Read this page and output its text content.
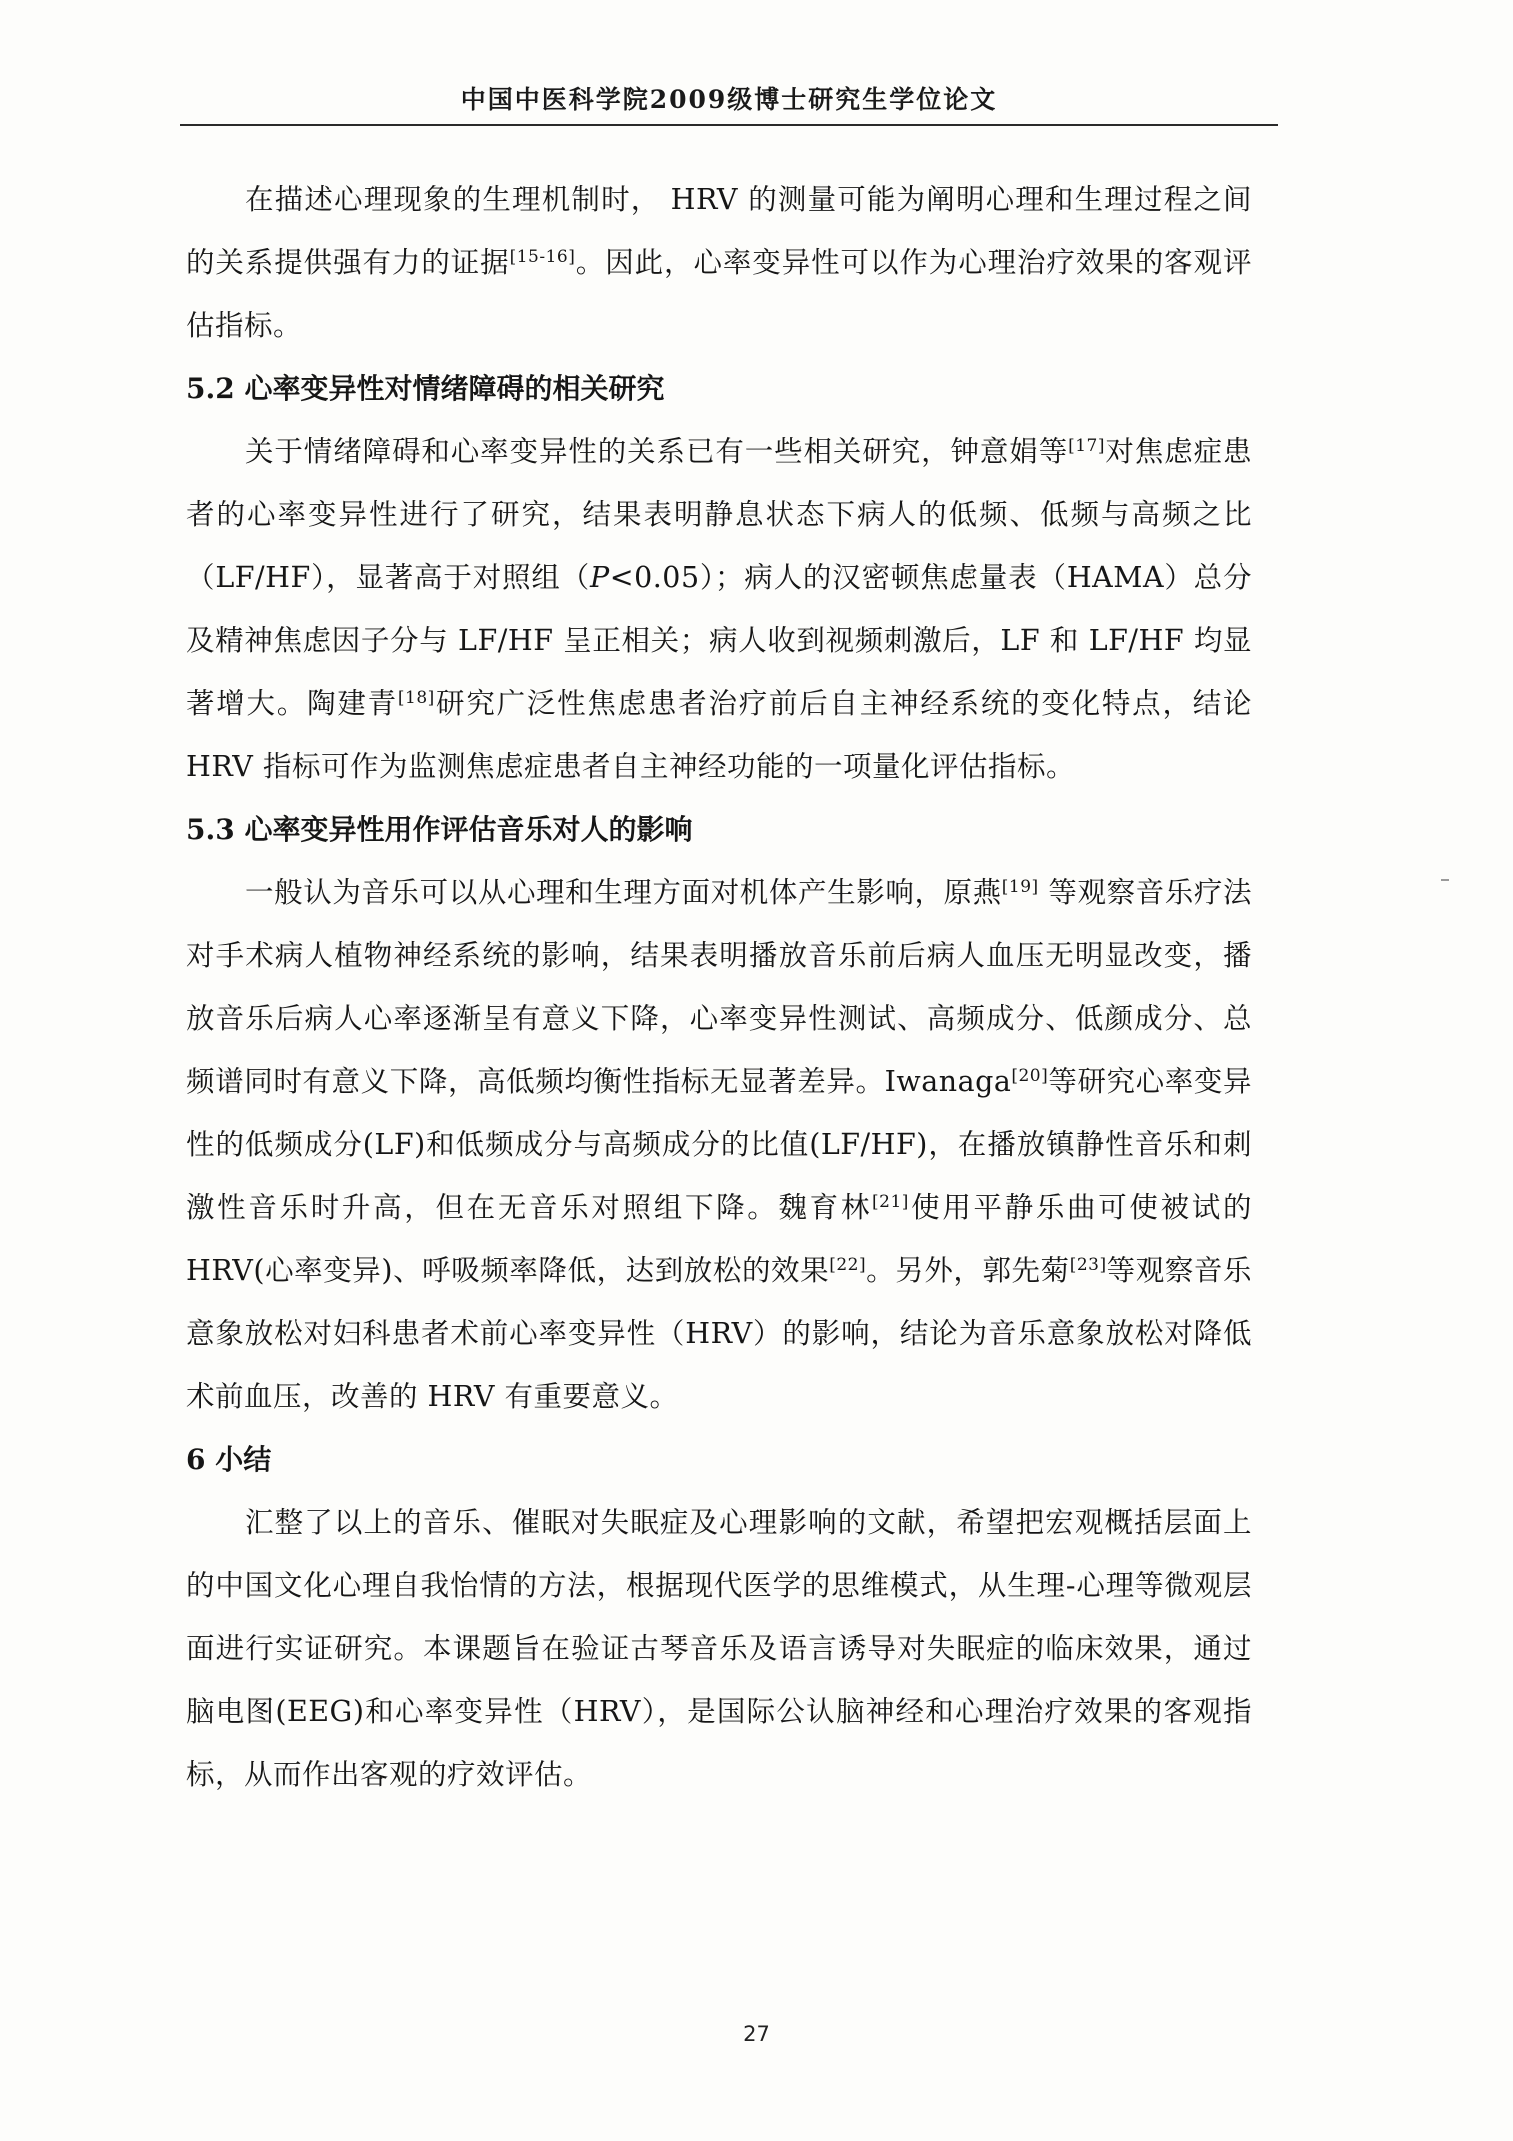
中国中医科学院2009级博士研究生学位论文

在描述心理现象的生理机制时， HRV 的测量可能为阐明心理和生理过程之间的关系提供强有力的证据[15-16]。因此，心率变异性可以作为心理治疗效果的客观评估指标。

5.2 心率变异性对情绪障碍的相关研究

关于情绪障碍和心率变异性的关系已有一些相关研究，钟意娟等[17]对焦虑症患者的心率变异性进行了研究，结果表明静息状态下病人的低频、低频与高频之比（LF/HF），显著高于对照组（P<0.05）；病人的汉密顿焦虑量表（HAMA）总分及精神焦虑因子分与 LF/HF 呈正相关；病人收到视频刺激后，LF 和 LF/HF 均显著增大。陶建青[18]研究广泛性焦虑患者治疗前后自主神经系统的变化特点，结论 HRV 指标可作为监测焦虑症患者自主神经功能的一项量化评估指标。

5.3 心率变异性用作评估音乐对人的影响

一般认为音乐可以从心理和生理方面对机体产生影响，原燕[19] 等观察音乐疗法对手术病人植物神经系统的影响，结果表明播放音乐前后病人血压无明显改变，播放音乐后病人心率逐渐呈有意义下降，心率变异性测试、高频成分、低颜成分、总频谱同时有意义下降，高低频均衡性指标无显著差异。Iwanaga[20]等研究心率变异性的低频成分(LF)和低频成分与高频成分的比值(LF/HF)，在播放镇静性音乐和刺激性音乐时升高，但在无音乐对照组下降。魏育林[21]使用平静乐曲可使被试的 HRV(心率变异)、呼吸频率降低，达到放松的效果[22]。另外，郭先菊[23]等观察音乐意象放松对妇科患者术前心率变异性（HRV）的影响，结论为音乐意象放松对降低术前血压，改善的 HRV 有重要意义。

6 小结

汇整了以上的音乐、催眠对失眠症及心理影响的文献，希望把宏观概括层面上的中国文化心理自我怡情的方法，根据现代医学的思维模式，从生理-心理等微观层面进行实证研究。本课题旨在验证古琴音乐及语言诱导对失眠症的临床效果，通过脑电图(EEG)和心率变异性（HRV），是国际公认脑神经和心理治疗效果的客观指标，从而作出客观的疗效评估。

27
